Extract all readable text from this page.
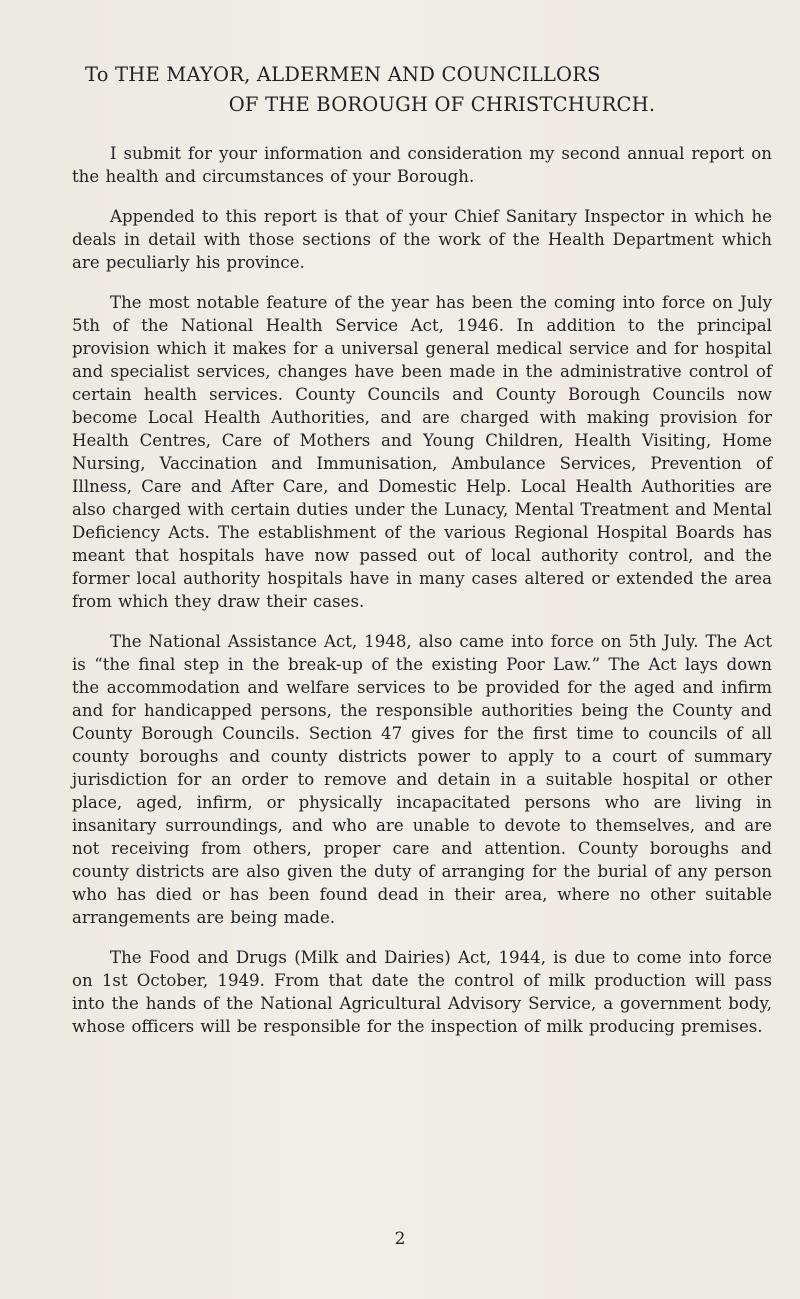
To THE MAYOR, ALDERMEN AND COUNCILLORS
OF THE BOROUGH OF CHRISTCHURCH.

I submit for your information and consideration my second annual report on the health and circumstances of your Borough.

Appended to this report is that of your Chief Sanitary Inspector in which he deals in detail with those sections of the work of the Health Department which are peculiarly his province.

The most notable feature of the year has been the coming into force on July 5th of the National Health Service Act, 1946. In addition to the principal provision which it makes for a universal general medical service and for hospital and specialist services, changes have been made in the administrative control of certain health services. County Councils and County Borough Councils now become Local Health Authorities, and are charged with making provision for Health Centres, Care of Mothers and Young Children, Health Visiting, Home Nursing, Vaccination and Immunisation, Ambulance Services, Prevention of Illness, Care and After Care, and Domestic Help. Local Health Authorities are also charged with certain duties under the Lunacy, Mental Treatment and Mental Deficiency Acts. The establishment of the various Regional Hospital Boards has meant that hospitals have now passed out of local authority control, and the former local authority hospitals have in many cases altered or extended the area from which they draw their cases.

The National Assistance Act, 1948, also came into force on 5th July. The Act is “the final step in the break-up of the existing Poor Law.” The Act lays down the accommodation and welfare services to be provided for the aged and infirm and for handicapped persons, the responsible authorities being the County and County Borough Councils. Section 47 gives for the first time to councils of all county boroughs and county districts power to apply to a court of summary jurisdiction for an order to remove and detain in a suitable hospital or other place, aged, infirm, or physically incapacitated persons who are living in insanitary surroundings, and who are unable to devote to themselves, and are not receiving from others, proper care and attention. County boroughs and county districts are also given the duty of arranging for the burial of any person who has died or has been found dead in their area, where no other suitable arrangements are being made.

The Food and Drugs (Milk and Dairies) Act, 1944, is due to come into force on 1st October, 1949. From that date the control of milk production will pass into the hands of the National Agricultural Advisory Service, a government body, whose officers will be responsible for the inspection of milk producing premises.

2
